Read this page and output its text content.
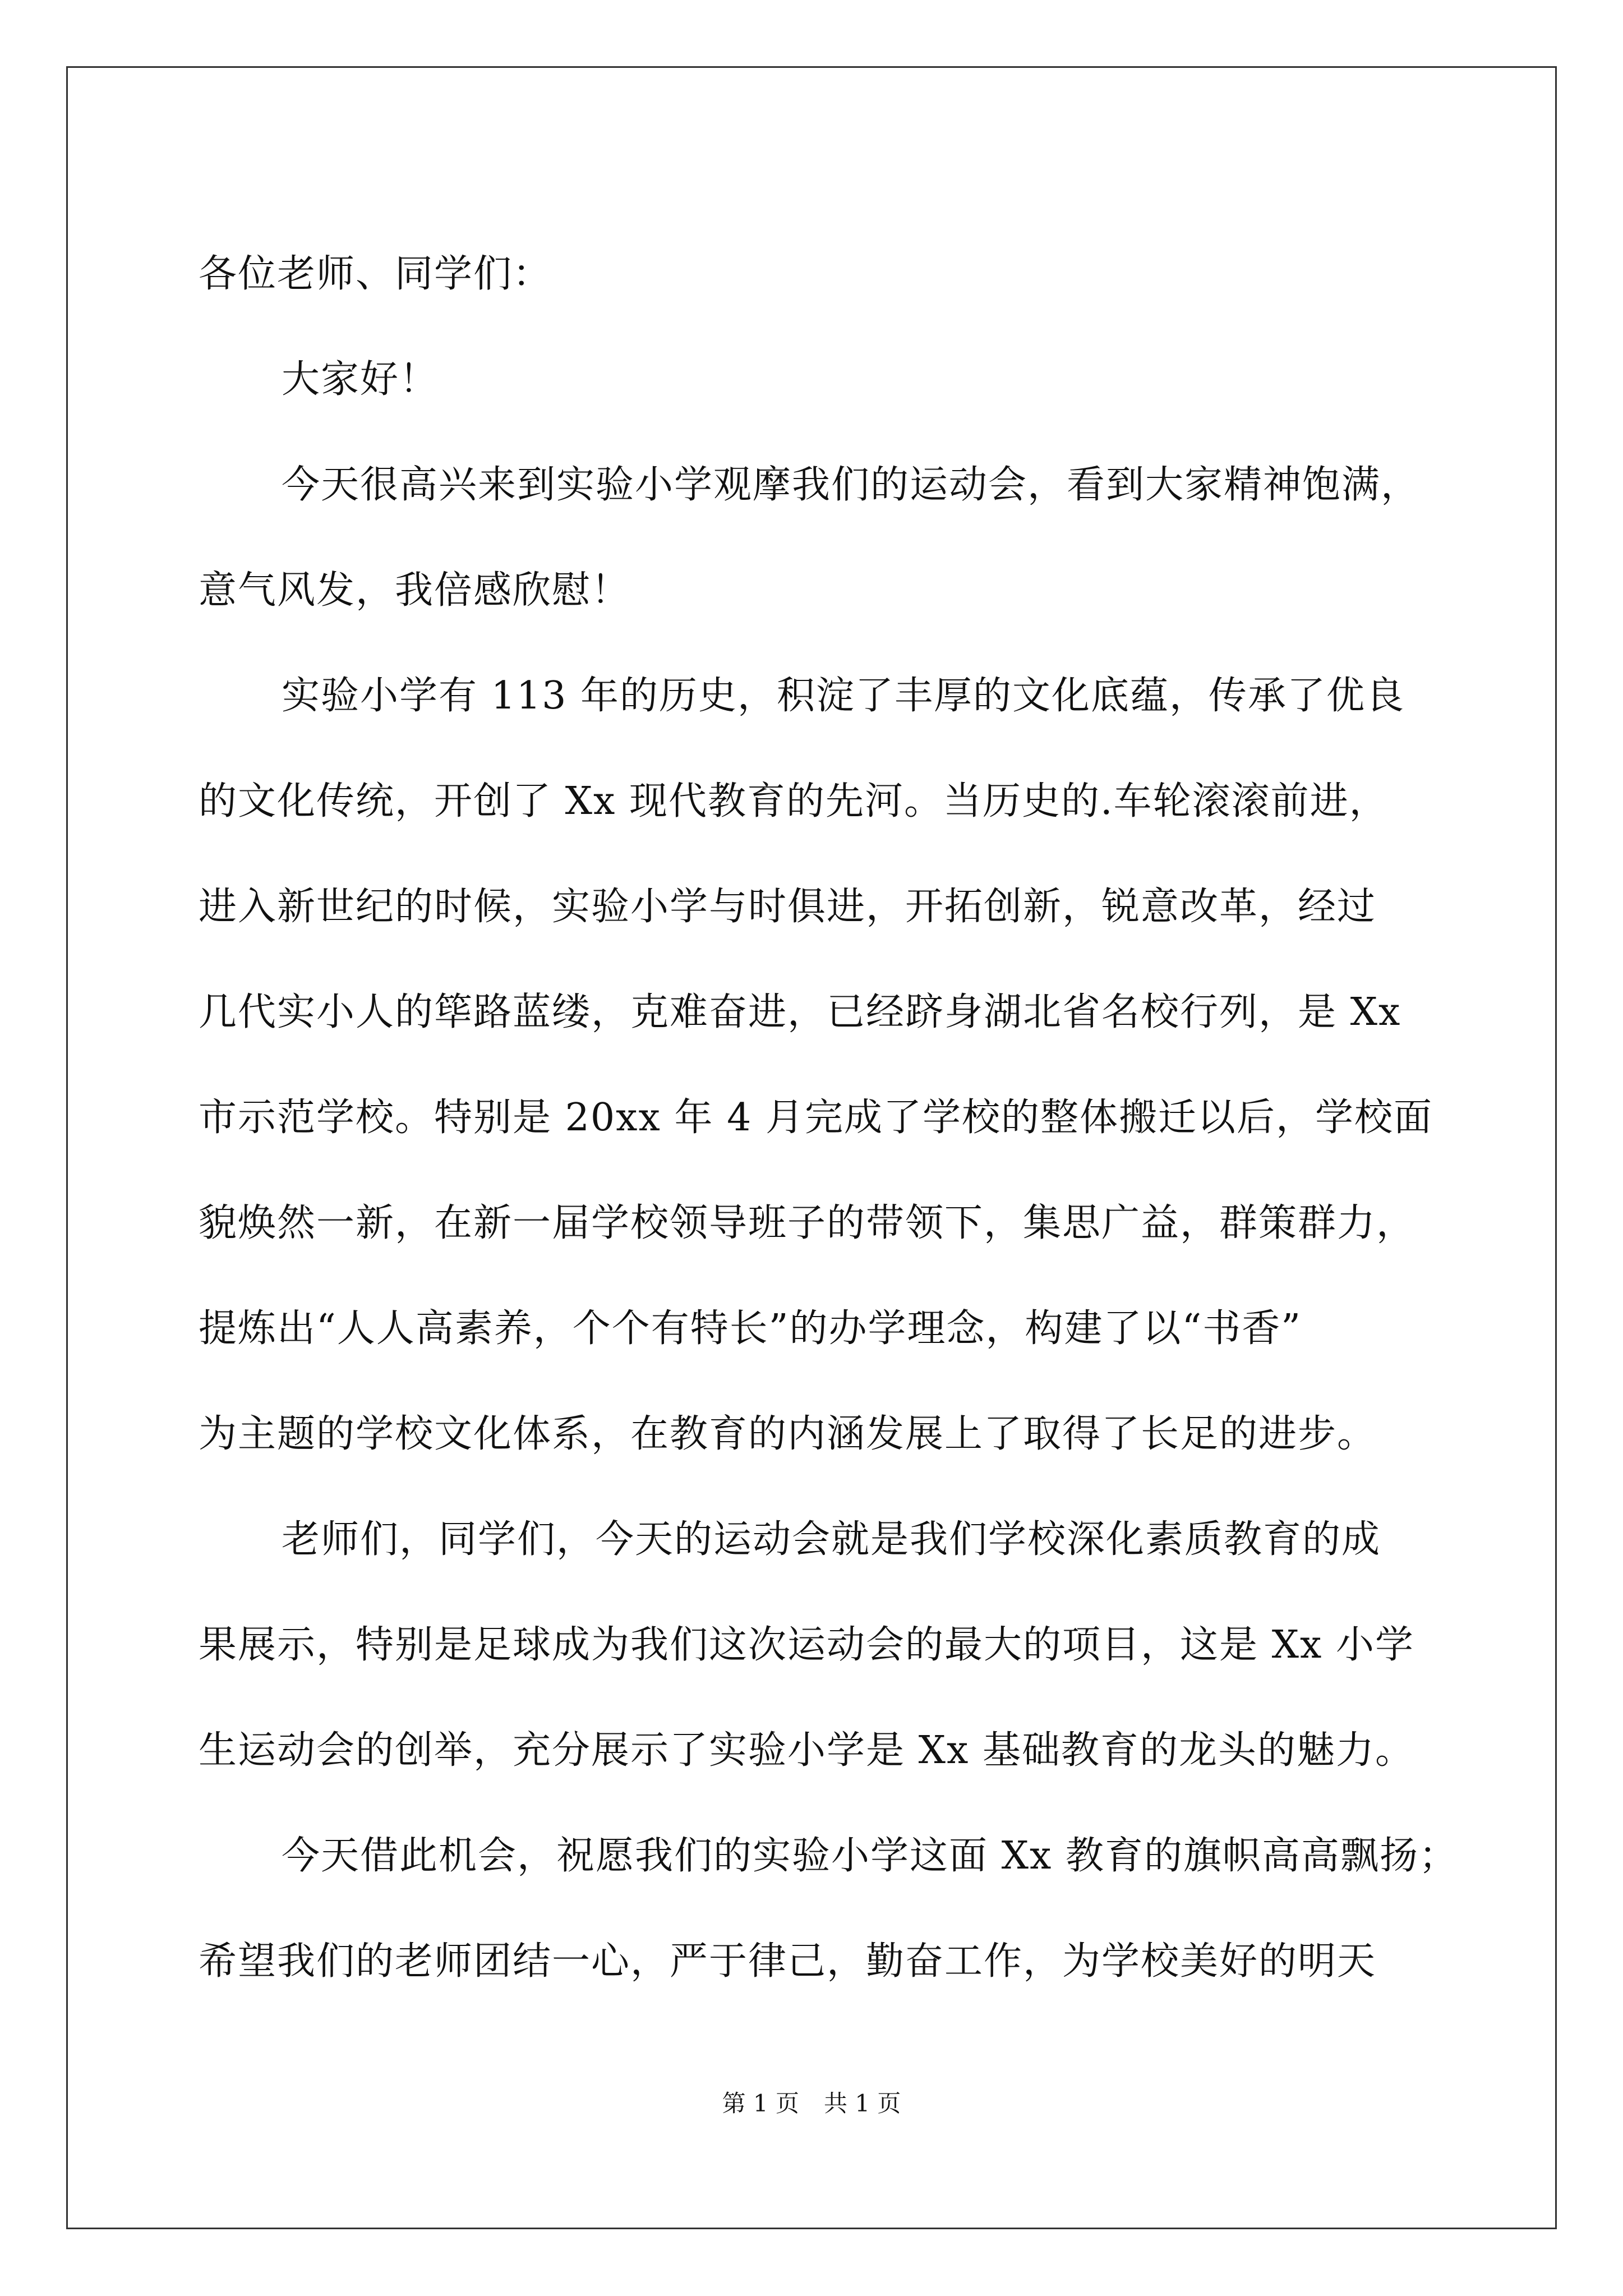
各位老师、同学们：
大家好！
今天很高兴来到实验小学观摩我们的运动会，看到大家精神饱满，
意气风发，我倍感欣慰！
实验小学有 113 年的历史，积淀了丰厚的文化底蕴，传承了优良
的文化传统，开创了 Xx 现代教育的先河。当历史的.车轮滚滚前进，
进入新世纪的时候，实验小学与时俱进，开拓创新，锐意改革，经过
几代实小人的筚路蓝缕，克难奋进，已经跻身湖北省名校行列，是 Xx
市示范学校。特别是 20xx 年 4 月完成了学校的整体搬迁以后，学校面
貌焕然一新，在新一届学校领导班子的带领下，集思广益，群策群力，
提炼出“人人高素养，个个有特长”的办学理念，构建了以“书香”
为主题的学校文化体系，在教育的内涵发展上了取得了长足的进步。
老师们，同学们，今天的运动会就是我们学校深化素质教育的成
果展示，特别是足球成为我们这次运动会的最大的项目，这是 Xx 小学
生运动会的创举，充分展示了实验小学是 Xx 基础教育的龙头的魅力。
今天借此机会，祝愿我们的实验小学这面 Xx 教育的旗帜高高飘扬；
希望我们的老师团结一心，严于律己，勤奋工作，为学校美好的明天
第 1 页 共 1 页
